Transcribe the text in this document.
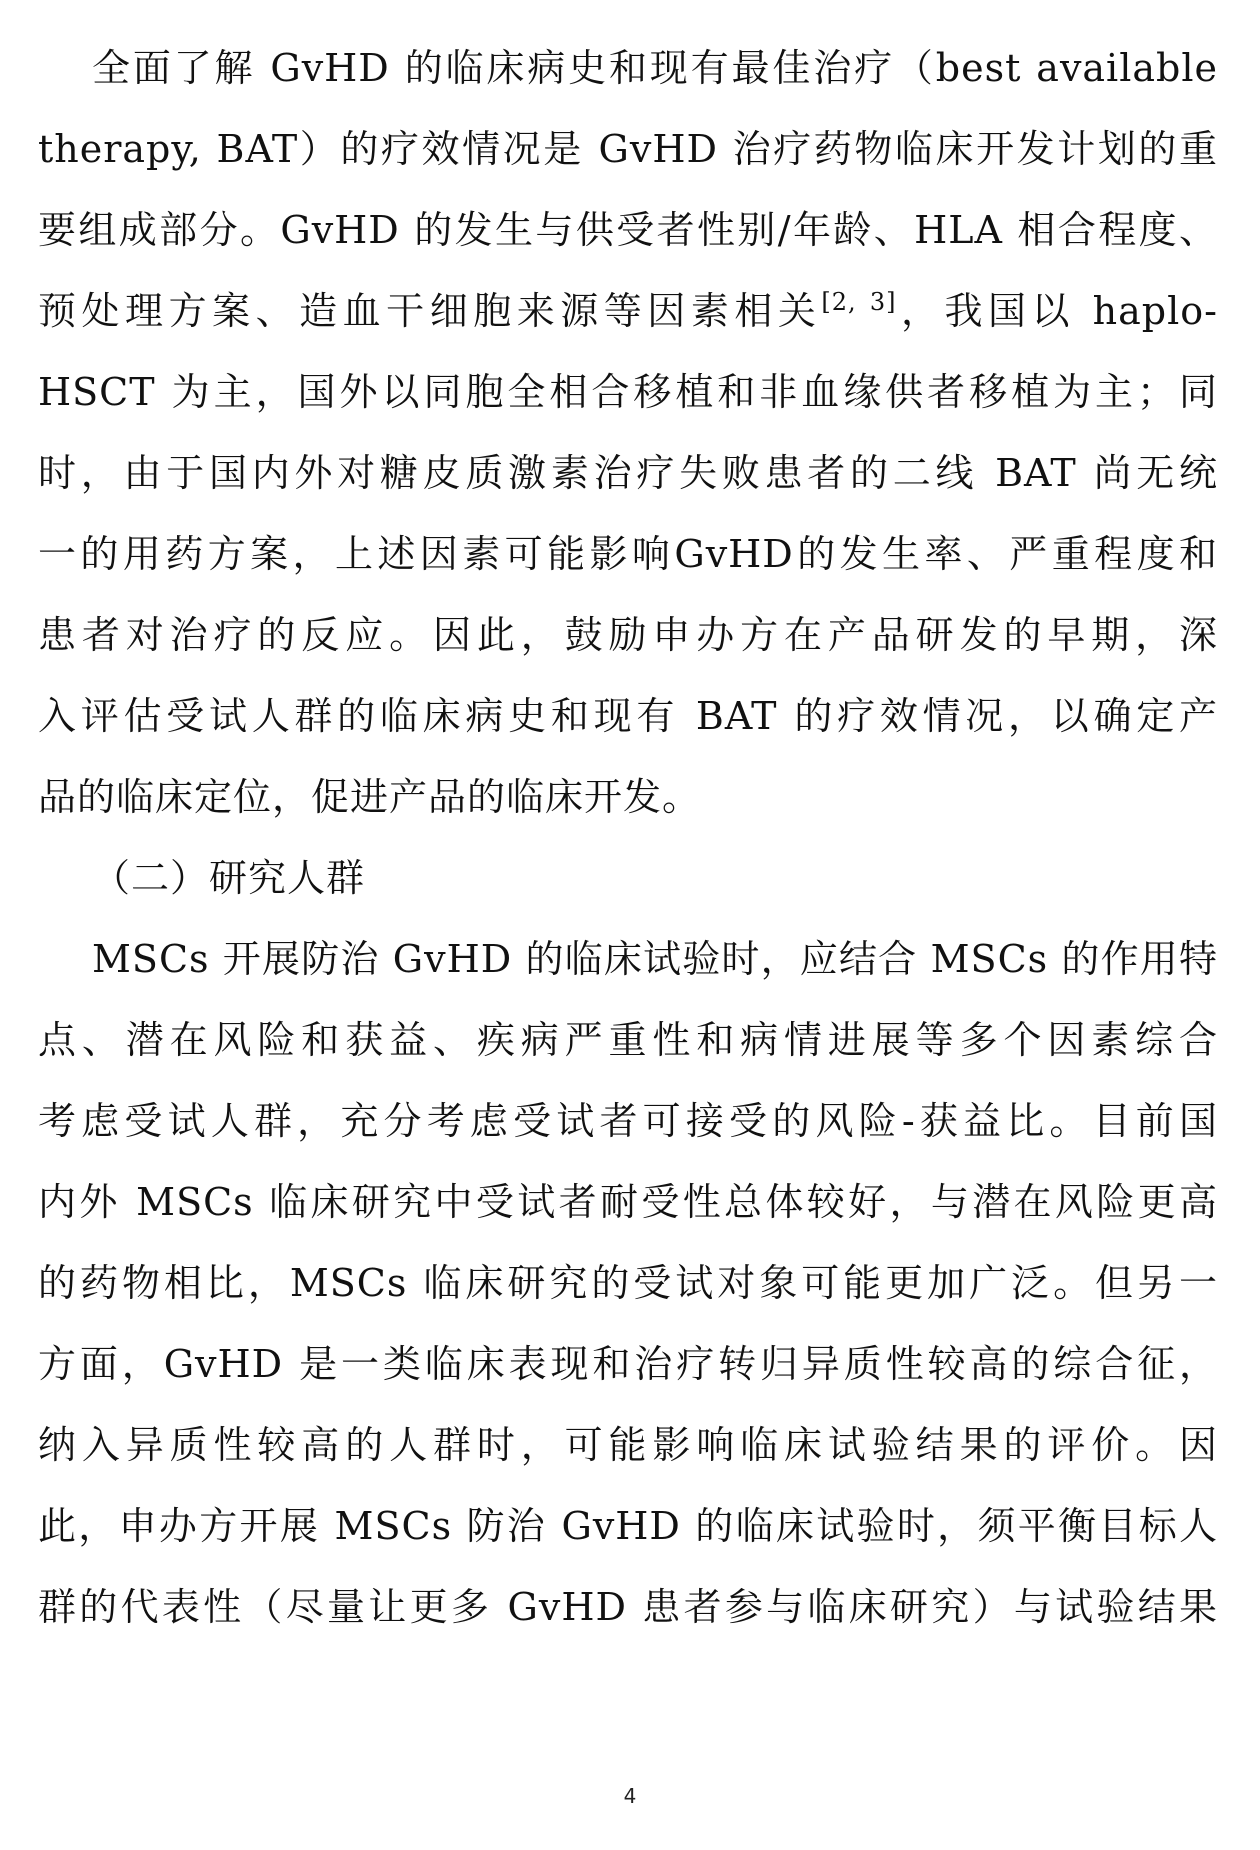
全面了解 GvHD 的临床病史和现有最佳治疗（best available
therapy, BAT）的疗效情况是 GvHD 治疗药物临床开发计划的重
要组成部分。GvHD 的发生与供受者性别/年龄、HLA 相合程度、
预处理方案、造血干细胞来源等因素相关[2, 3]，我国以 haplo-
HSCT 为主，国外以同胞全相合移植和非血缘供者移植为主；同
时，由于国内外对糖皮质激素治疗失败患者的二线 BAT 尚无统
一的用药方案，上述因素可能影响GvHD的发生率、严重程度和
患者对治疗的反应。因此，鼓励申办方在产品研发的早期，深
入评估受试人群的临床病史和现有 BAT 的疗效情况，以确定产
品的临床定位，促进产品的临床开发。
（二）研究人群
MSCs 开展防治 GvHD 的临床试验时，应结合 MSCs 的作用特
点、潜在风险和获益、疾病严重性和病情进展等多个因素综合
考虑受试人群，充分考虑受试者可接受的风险-获益比。目前国
内外 MSCs 临床研究中受试者耐受性总体较好，与潜在风险更高
的药物相比，MSCs 临床研究的受试对象可能更加广泛。但另一
方面，GvHD 是一类临床表现和治疗转归异质性较高的综合征，
纳入异质性较高的人群时，可能影响临床试验结果的评价。因
此，申办方开展 MSCs 防治 GvHD 的临床试验时，须平衡目标人
群的代表性（尽量让更多 GvHD 患者参与临床研究）与试验结果
4
